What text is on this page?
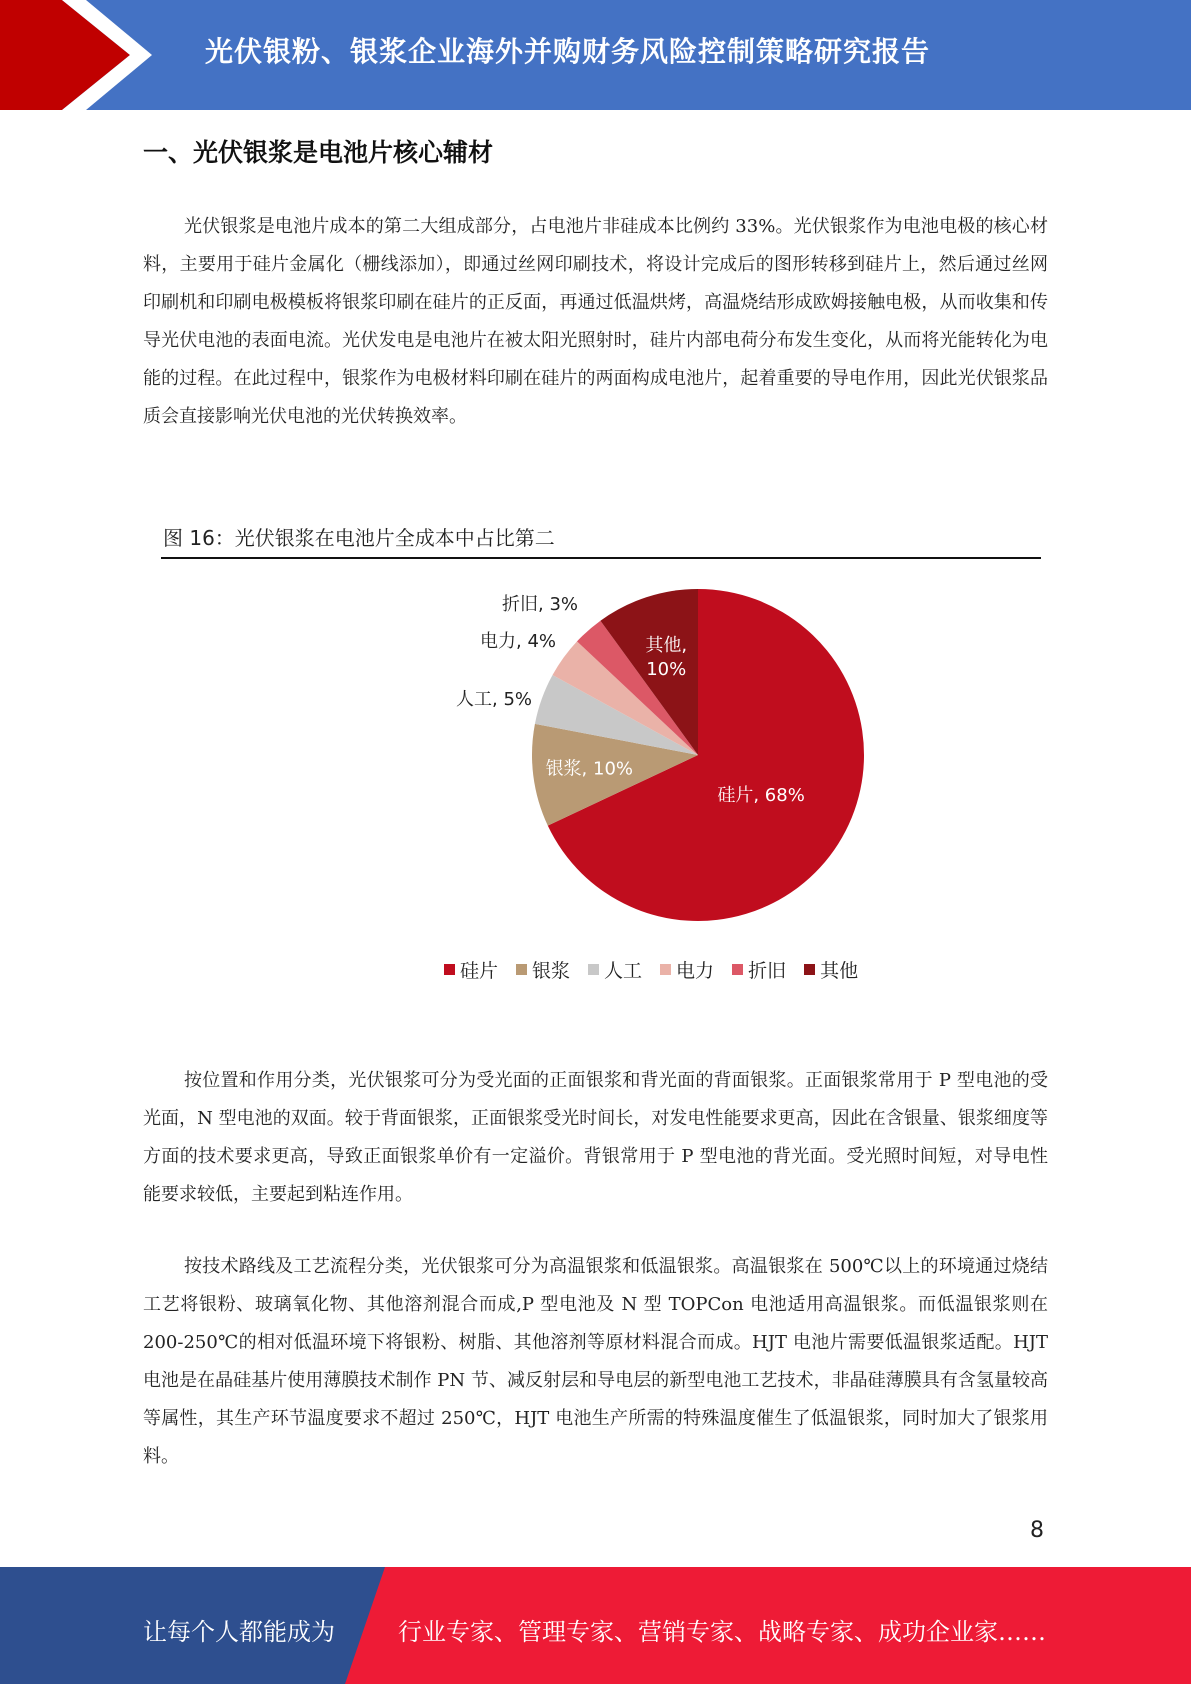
光伏银粉、银浆企业海外并购财务风险控制策略研究报告
一、光伏银浆是电池片核心辅材

光伏银浆是电池片成本的第二大组成部分，占电池片非硅成本比例约 33%。光伏银浆作为电池电极的核心材料，主要用于硅片金属化（栅线添加），即通过丝网印刷技术，将设计完成后的图形转移到硅片上，然后通过丝网印刷机和印刷电极模板将银浆印刷在硅片的正反面，再通过低温烘烤，高温烧结形成欧姆接触电极，从而收集和传导光伏电池的表面电流。光伏发电是电池片在被太阳光照射时，硅片内部电荷分布发生变化，从而将光能转化为电能的过程。在此过程中，银浆作为电极材料印刷在硅片的两面构成电池片，起着重要的导电作用，因此光伏银浆品质会直接影响光伏电池的光伏转换效率。

图 16：光伏银浆在电池片全成本中占比第二
硅片, 68%
银浆, 10%
人工, 5%
电力, 4%
折旧, 3%
其他, 10%
硅片 银浆 人工 电力 折旧 其他

按位置和作用分类，光伏银浆可分为受光面的正面银浆和背光面的背面银浆。正面银浆常用于 P 型电池的受光面，N 型电池的双面。较于背面银浆，正面银浆受光时间长，对发电性能要求更高，因此在含银量、银浆细度等方面的技术要求更高，导致正面银浆单价有一定溢价。背银常用于 P 型电池的背光面。受光照时间短，对导电性能要求较低，主要起到粘连作用。

按技术路线及工艺流程分类，光伏银浆可分为高温银浆和低温银浆。高温银浆在 500℃以上的环境通过烧结工艺将银粉、玻璃氧化物、其他溶剂混合而成,P 型电池及 N 型 TOPCon 电池适用高温银浆。而低温银浆则在 200-250℃的相对低温环境下将银粉、树脂、其他溶剂等原材料混合而成。HJT 电池片需要低温银浆适配。HJT 电池是在晶硅基片使用薄膜技术制作 PN 节、减反射层和导电层的新型电池工艺技术，非晶硅薄膜具有含氢量较高等属性，其生产环节温度要求不超过 250℃，HJT 电池生产所需的特殊温度催生了低温银浆，同时加大了银浆用料。

8
让每个人都能成为	行业专家、管理专家、营销专家、战略专家、成功企业家……
